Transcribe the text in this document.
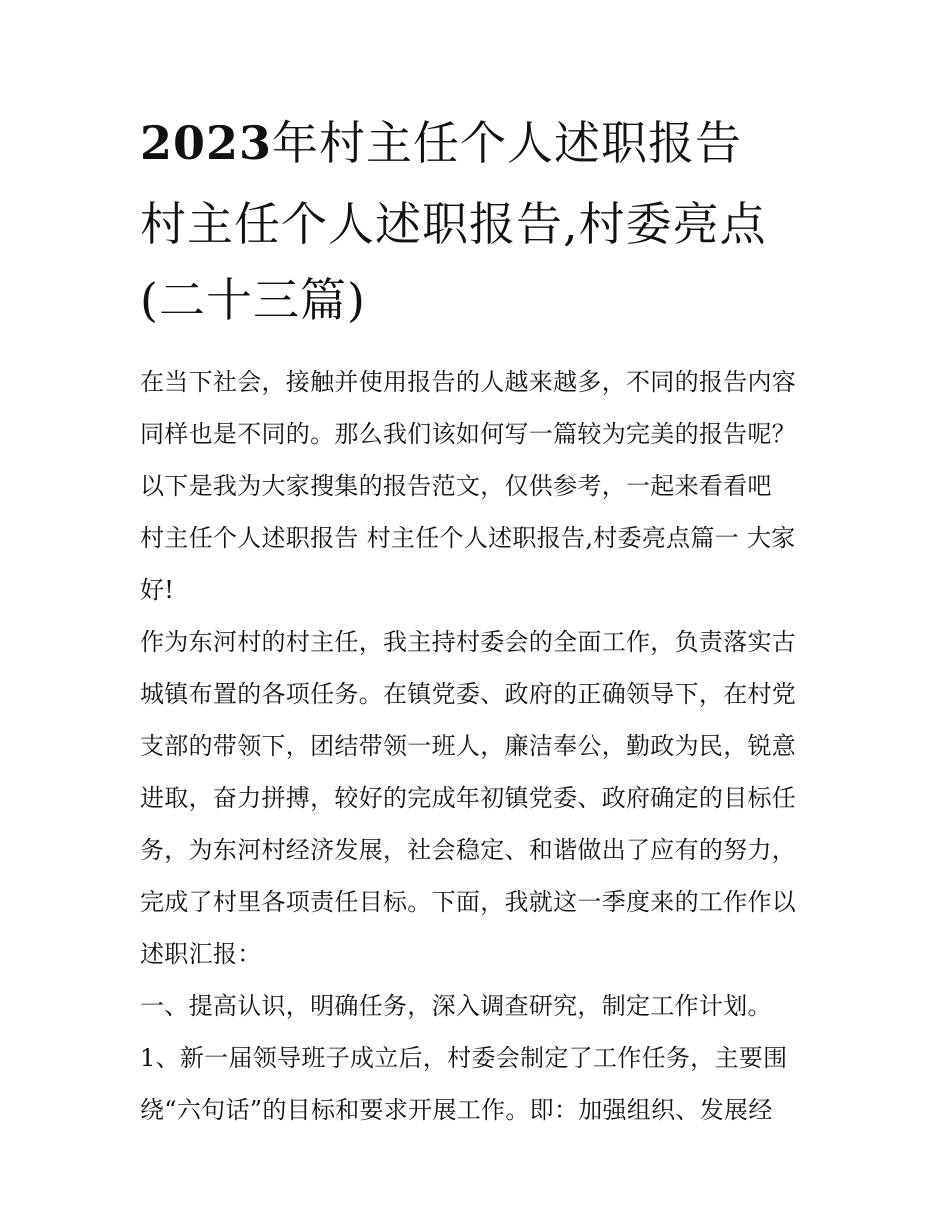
2023年村主任个人述职报告
村主任个人述职报告,村委亮点(二十三篇)

在当下社会，接触并使用报告的人越来越多，不同的报告内容同样也是不同的。那么我们该如何写一篇较为完美的报告呢？以下是我为大家搜集的报告范文，仅供参考，一起来看看吧

村主任个人述职报告 村主任个人述职报告,村委亮点篇一 大家好!

作为东河村的村主任，我主持村委会的全面工作，负责落实古城镇布置的各项任务。在镇党委、政府的正确领导下，在村党支部的带领下，团结带领一班人，廉洁奉公，勤政为民，锐意进取，奋力拼搏，较好的完成年初镇党委、政府确定的目标任务，为东河村经济发展，社会稳定、和谐做出了应有的努力，完成了村里各项责任目标。下面，我就这一季度来的工作作以述职汇报：

一、提高认识，明确任务，深入调查研究，制定工作计划。

1、新一届领导班子成立后，村委会制定了工作任务，主要围绕“六句话”的目标和要求开展工作。即：加强组织、发展经
